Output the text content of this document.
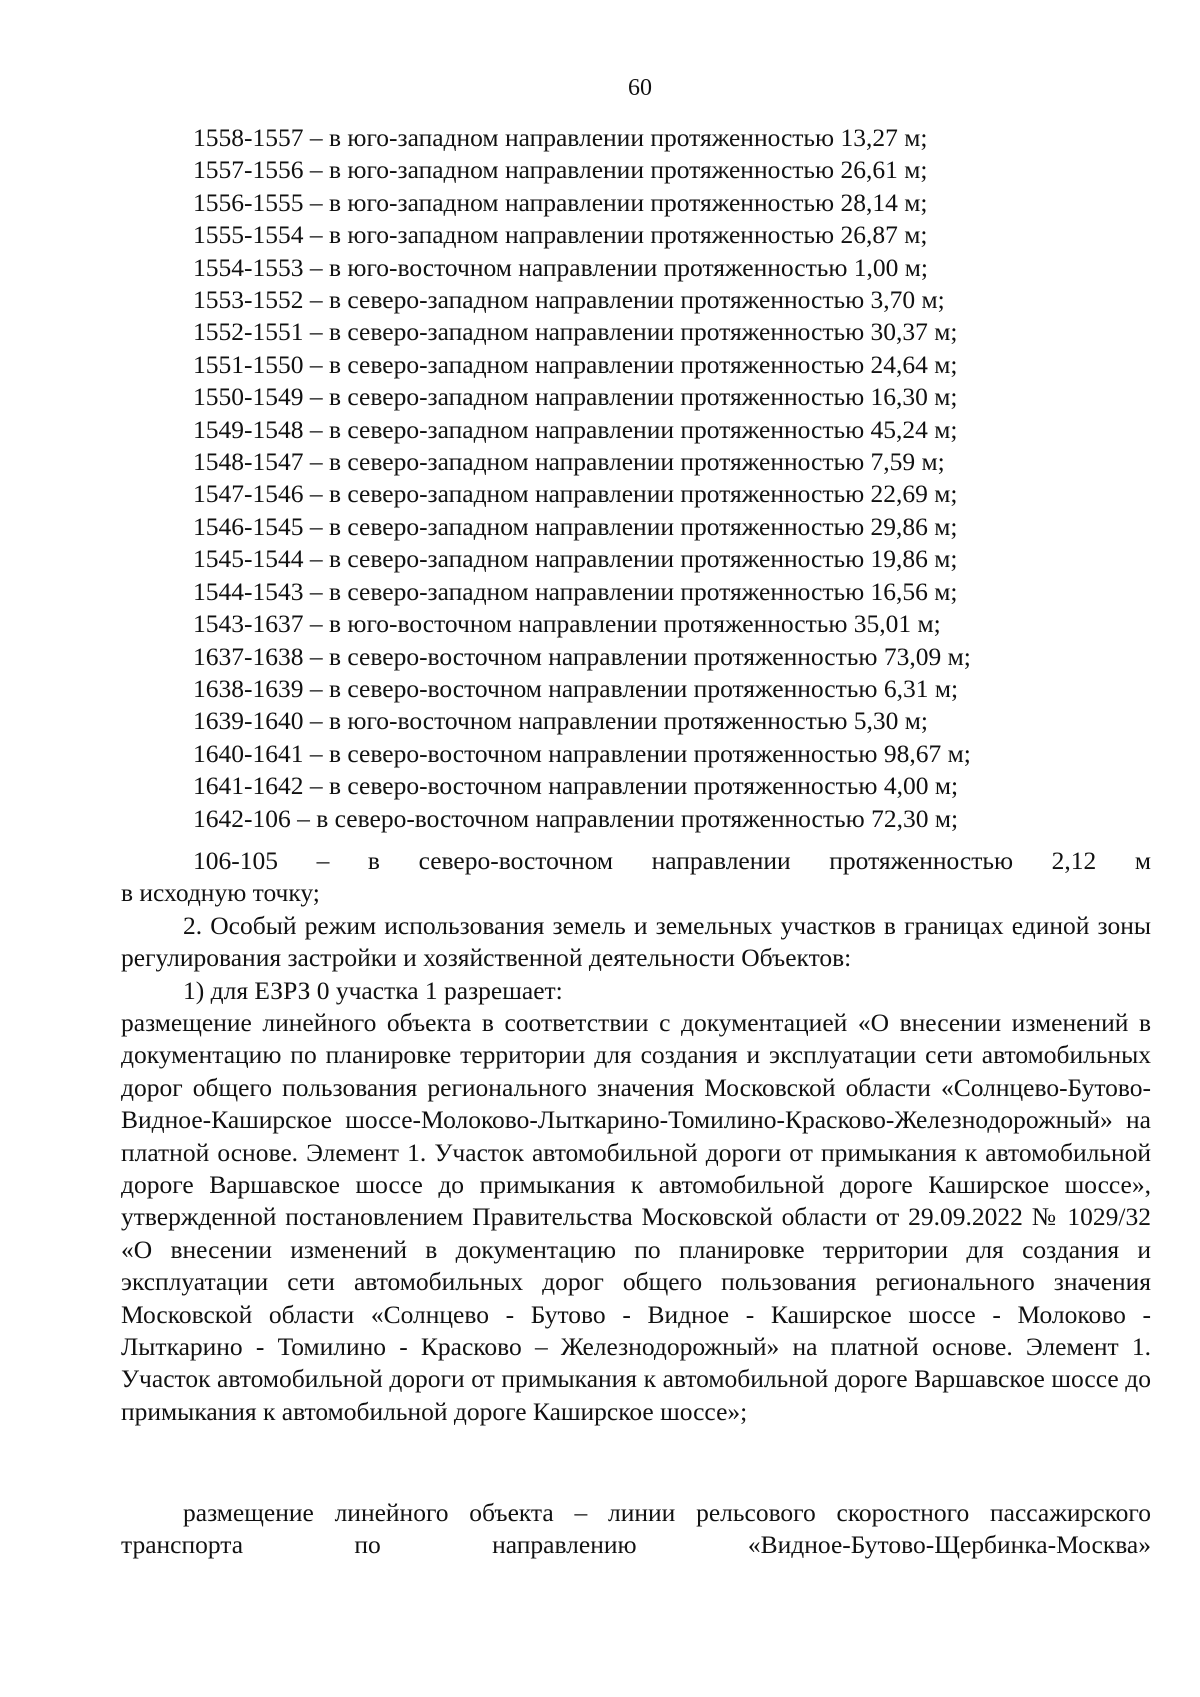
60
1558-1557 – в юго-западном направлении протяженностью 13,27 м;
1557-1556 – в юго-западном направлении протяженностью 26,61 м;
1556-1555 – в юго-западном направлении протяженностью 28,14 м;
1555-1554 – в юго-западном направлении протяженностью 26,87 м;
1554-1553 – в юго-восточном направлении протяженностью 1,00 м;
1553-1552 – в северо-западном направлении протяженностью 3,70 м;
1552-1551 – в северо-западном направлении протяженностью 30,37 м;
1551-1550 – в северо-западном направлении протяженностью 24,64 м;
1550-1549 – в северо-западном направлении протяженностью 16,30 м;
1549-1548 – в северо-западном направлении протяженностью 45,24 м;
1548-1547 – в северо-западном направлении протяженностью 7,59 м;
1547-1546 – в северо-западном направлении протяженностью 22,69 м;
1546-1545 – в северо-западном направлении протяженностью 29,86 м;
1545-1544 – в северо-западном направлении протяженностью 19,86 м;
1544-1543 – в северо-западном направлении протяженностью 16,56 м;
1543-1637 – в юго-восточном направлении протяженностью 35,01 м;
1637-1638 – в северо-восточном направлении протяженностью 73,09 м;
1638-1639 – в северо-восточном направлении протяженностью 6,31 м;
1639-1640 – в юго-восточном направлении протяженностью 5,30 м;
1640-1641 – в северо-восточном направлении протяженностью 98,67 м;
1641-1642 – в северо-восточном направлении протяженностью 4,00 м;
1642-106 – в северо-восточном направлении протяженностью 72,30 м;
106-105 – в северо-восточном направлении протяженностью 2,12 м
в исходную точку;
2. Особый режим использования земель и земельных участков в границах единой зоны регулирования застройки и хозяйственной деятельности Объектов:
1) для ЕЗРЗ 0 участка 1 разрешает:
размещение линейного объекта в соответствии с документацией «О внесении изменений в документацию по планировке территории для создания и эксплуатации сети автомобильных дорог общего пользования регионального значения Московской области «Солнцево-Бутово-Видное-Каширское шоссе-Молоково-Лыткарино-Томилино-Красково-Железнодорожный» на платной основе. Элемент 1. Участок автомобильной дороги от примыкания к автомобильной дороге Варшавское шоссе до примыкания к автомобильной дороге Каширское шоссе», утвержденной постановлением Правительства Московской области от 29.09.2022 № 1029/32 «О внесении изменений в документацию по планировке территории для создания и эксплуатации сети автомобильных дорог общего пользования регионального значения Московской области «Солнцево - Бутово - Видное - Каширское шоссе - Молоково - Лыткарино - Томилино - Красково – Железнодорожный» на платной основе. Элемент 1. Участок автомобильной дороги от примыкания к автомобильной дороге Варшавское шоссе до примыкания к автомобильной дороге Каширское шоссе»;
размещение линейного объекта – линии рельсового скоростного пассажирского транспорта по направлению «Видное-Бутово-Щербинка-Москва»
